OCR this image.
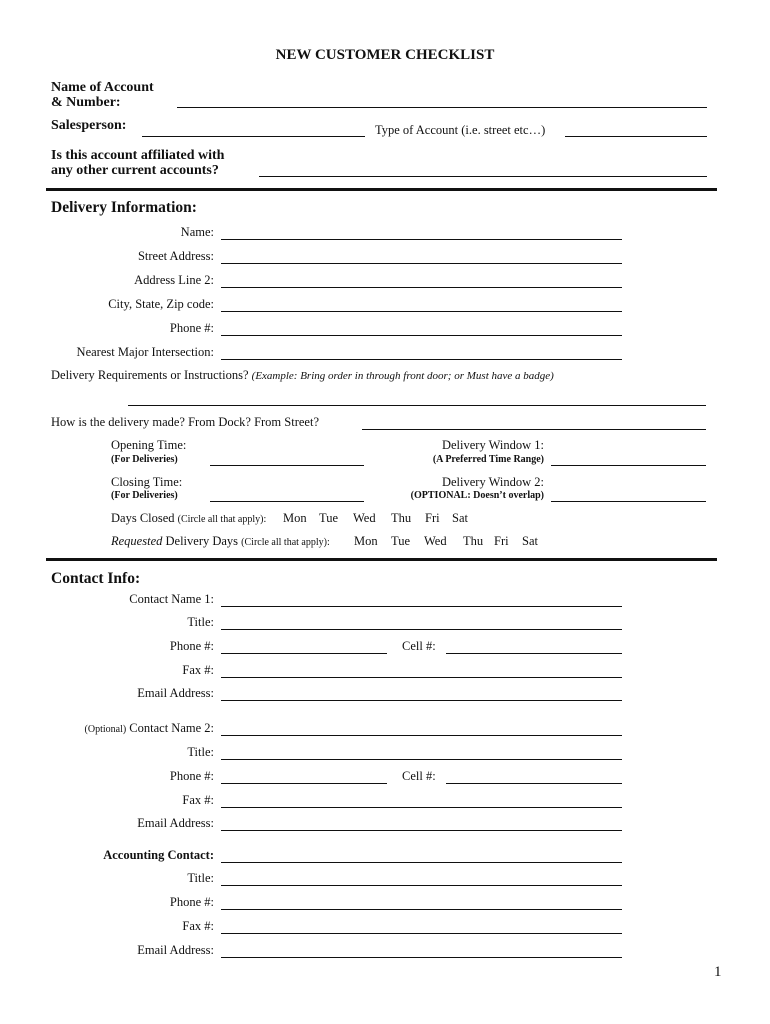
NEW CUSTOMER CHECKLIST
Name of Account
& Number:
Salesperson:	Type of Account (i.e. street etc…)
Is this account affiliated with
any other current accounts?
Delivery Information:
Name:
Street Address:
Address Line 2:
City, State, Zip code:
Phone #:
Nearest Major Intersection:
Delivery Requirements or Instructions? (Example: Bring order in through front door; or Must have a badge)
How is the delivery made? From Dock? From Street?
Opening Time:
(For Deliveries)
Delivery Window 1:
(A Preferred Time Range)
Closing Time:
(For Deliveries)
Delivery Window 2:
(OPTIONAL: Doesn’t overlap)
Days Closed (Circle all that apply): Mon Tue Wed Thu Fri Sat
Requested Delivery Days (Circle all that apply): Mon Tue Wed Thu Fri Sat
Contact Info:
Contact Name 1:
Title:
Phone #:	Cell #:
Fax #:
Email Address:
(Optional) Contact Name 2:
Title:
Phone #:	Cell #:
Fax #:
Email Address:
Accounting Contact:
Title:
Phone #:
Fax #:
Email Address:
1
